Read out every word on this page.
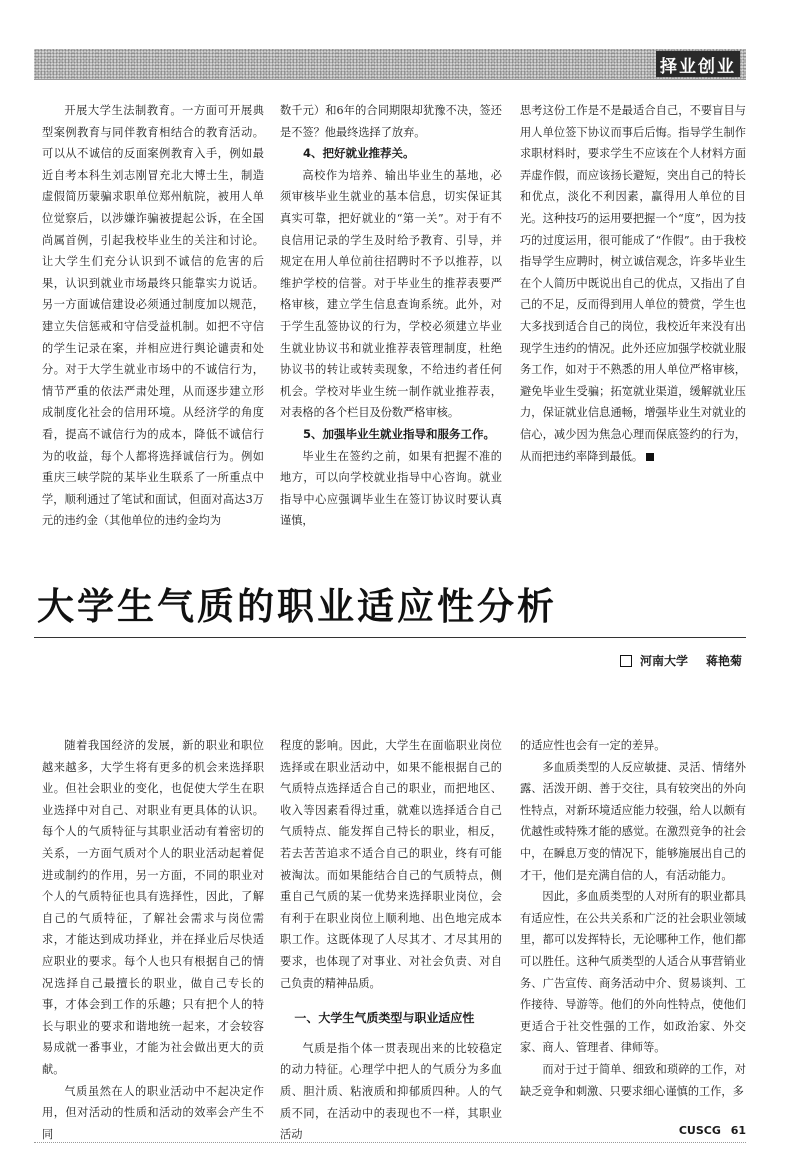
择业创业

开展大学生法制教育。一方面可开展典型案例教育与同伴教育相结合的教育活动。可以从不诚信的反面案例教育入手，例如最近自考本科生刘志刚冒充北大博士生，制造虚假简历蒙骗求职单位郑州航院，被用人单位觉察后，以涉嫌诈骗被提起公诉，在全国尚属首例，引起我校毕业生的关注和讨论。让大学生们充分认识到不诚信的危害的后果，认识到就业市场最终只能靠实力说话。另一方面诚信建设必须通过制度加以规范，建立失信惩戒和守信受益机制。如把不守信的学生记录在案，并相应进行舆论谴责和处分。对于大学生就业市场中的不诚信行为，情节严重的依法严肃处理，从而逐步建立形成制度化社会的信用环境。从经济学的角度看，提高不诚信行为的成本，降低不诚信行为的收益，每个人都将选择诚信行为。例如重庆三峡学院的某毕业生联系了一所重点中学，顺利通过了笔试和面试，但面对高达3万元的违约金（其他单位的违约金均为

数千元）和6年的合同期限却犹豫不决，签还是不签？他最终选择了放弃。

4、把好就业推荐关。

高校作为培养、输出毕业生的基地，必须审核毕业生就业的基本信息，切实保证其真实可靠，把好就业的“第一关”。对于有不良信用记录的学生及时给予教育、引导，并规定在用人单位前往招聘时不予以推荐，以维护学校的信誉。对于毕业生的推荐表要严格审核，建立学生信息查询系统。此外，对于学生乱签协议的行为，学校必须建立毕业生就业协议书和就业推荐表管理制度，杜绝协议书的转让或转卖现象，不给违约者任何机会。学校对毕业生统一制作就业推荐表，对表格的各个栏目及份数严格审核。

5、加强毕业生就业指导和服务工作。

毕业生在签约之前，如果有把握不准的地方，可以向学校就业指导中心咨询。就业指导中心应强调毕业生在签订协议时要认真谨慎，

思考这份工作是不是最适合自己，不要盲目与用人单位签下协议而事后后悔。指导学生制作求职材料时，要求学生不应该在个人材料方面弄虚作假，而应该扬长避短，突出自己的特长和优点，淡化不利因素，赢得用人单位的目光。这种技巧的运用要把握一个“度”，因为技巧的过度运用，很可能成了“作假”。由于我校指导学生应聘时，树立诚信观念，许多毕业生在个人简历中既说出自己的优点，又指出了自己的不足，反而得到用人单位的赞赏，学生也大多找到适合自己的岗位，我校近年来没有出现学生违约的情况。此外还应加强学校就业服务工作，如对于不熟悉的用人单位严格审核，避免毕业生受骗；拓宽就业渠道，缓解就业压力，保证就业信息通畅，增强毕业生对就业的信心，减少因为焦急心理而保底签约的行为，从而把违约率降到最低。

大学生气质的职业适应性分析
河南大学 蒋艳菊

随着我国经济的发展，新的职业和职位越来越多，大学生将有更多的机会来选择职业。但社会职业的变化，也促使大学生在职业选择中对自己、对职业有更具体的认识。每个人的气质特征与其职业活动有着密切的关系，一方面气质对个人的职业活动起着促进或制约的作用，另一方面，不同的职业对个人的气质特征也具有选择性，因此，了解自己的气质特征，了解社会需求与岗位需求，才能达到成功择业，并在择业后尽快适应职业的要求。每个人也只有根据自己的情况选择自己最擅长的职业，做自己专长的事，才体会到工作的乐趣；只有把个人的特长与职业的要求和谐地统一起来，才会较容易成就一番事业，才能为社会做出更大的贡献。

气质虽然在人的职业活动中不起决定作用，但对活动的性质和活动的效率会产生不同

程度的影响。因此，大学生在面临职业岗位选择或在职业活动中，如果不能根据自己的气质特点选择适合自己的职业，而把地区、收入等因素看得过重，就难以选择适合自己气质特点、能发挥自己特长的职业，相反，若去苦苦追求不适合自己的职业，终有可能被淘汰。而如果能结合自己的气质特点，侧重自己气质的某一优势来选择职业岗位，会有利于在职业岗位上顺利地、出色地完成本职工作。这既体现了人尽其才、才尽其用的要求，也体现了对事业、对社会负责、对自己负责的精神品质。

一、大学生气质类型与职业适应性

气质是指个体一贯表现出来的比较稳定的动力特征。心理学中把人的气质分为多血质、胆汁质、粘液质和抑郁质四种。人的气质不同，在活动中的表现也不一样，其职业活动

的适应性也会有一定的差异。

多血质类型的人反应敏捷、灵活、情绪外露、活泼开朗、善于交往，具有较突出的外向性特点，对新环境适应能力较强，给人以颇有优越性或特殊才能的感觉。在激烈竞争的社会中，在瞬息万变的情况下，能够施展出自己的才干，他们是充满自信的人，有活动能力。

因此，多血质类型的人对所有的职业都具有适应性，在公共关系和广泛的社会职业领域里，都可以发挥特长，无论哪种工作，他们都可以胜任。这种气质类型的人适合从事营销业务、广告宣传、商务活动中介、贸易谈判、工作接待、导游等。他们的外向性特点，使他们更适合于社交性强的工作，如政治家、外交家、商人、管理者、律师等。

而对于过于简单、细致和琐碎的工作，对缺乏竞争和刺激、只要求细心谨慎的工作，多

CUSCG 61
